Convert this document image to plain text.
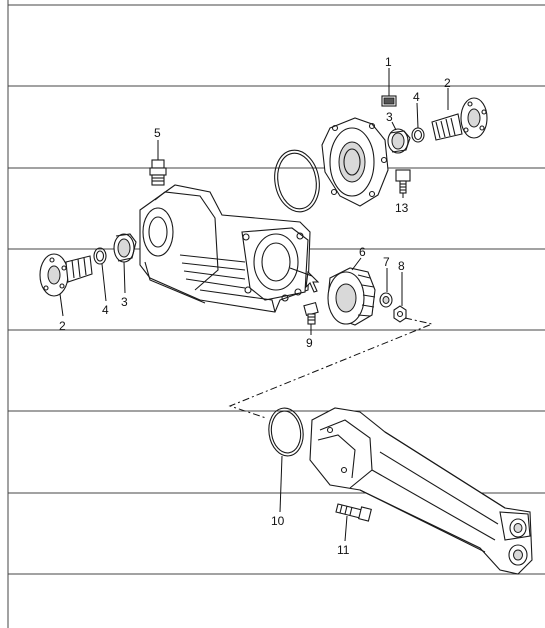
1
2
3
4
13
5
6
7 8
2
4
3
9
10
11
